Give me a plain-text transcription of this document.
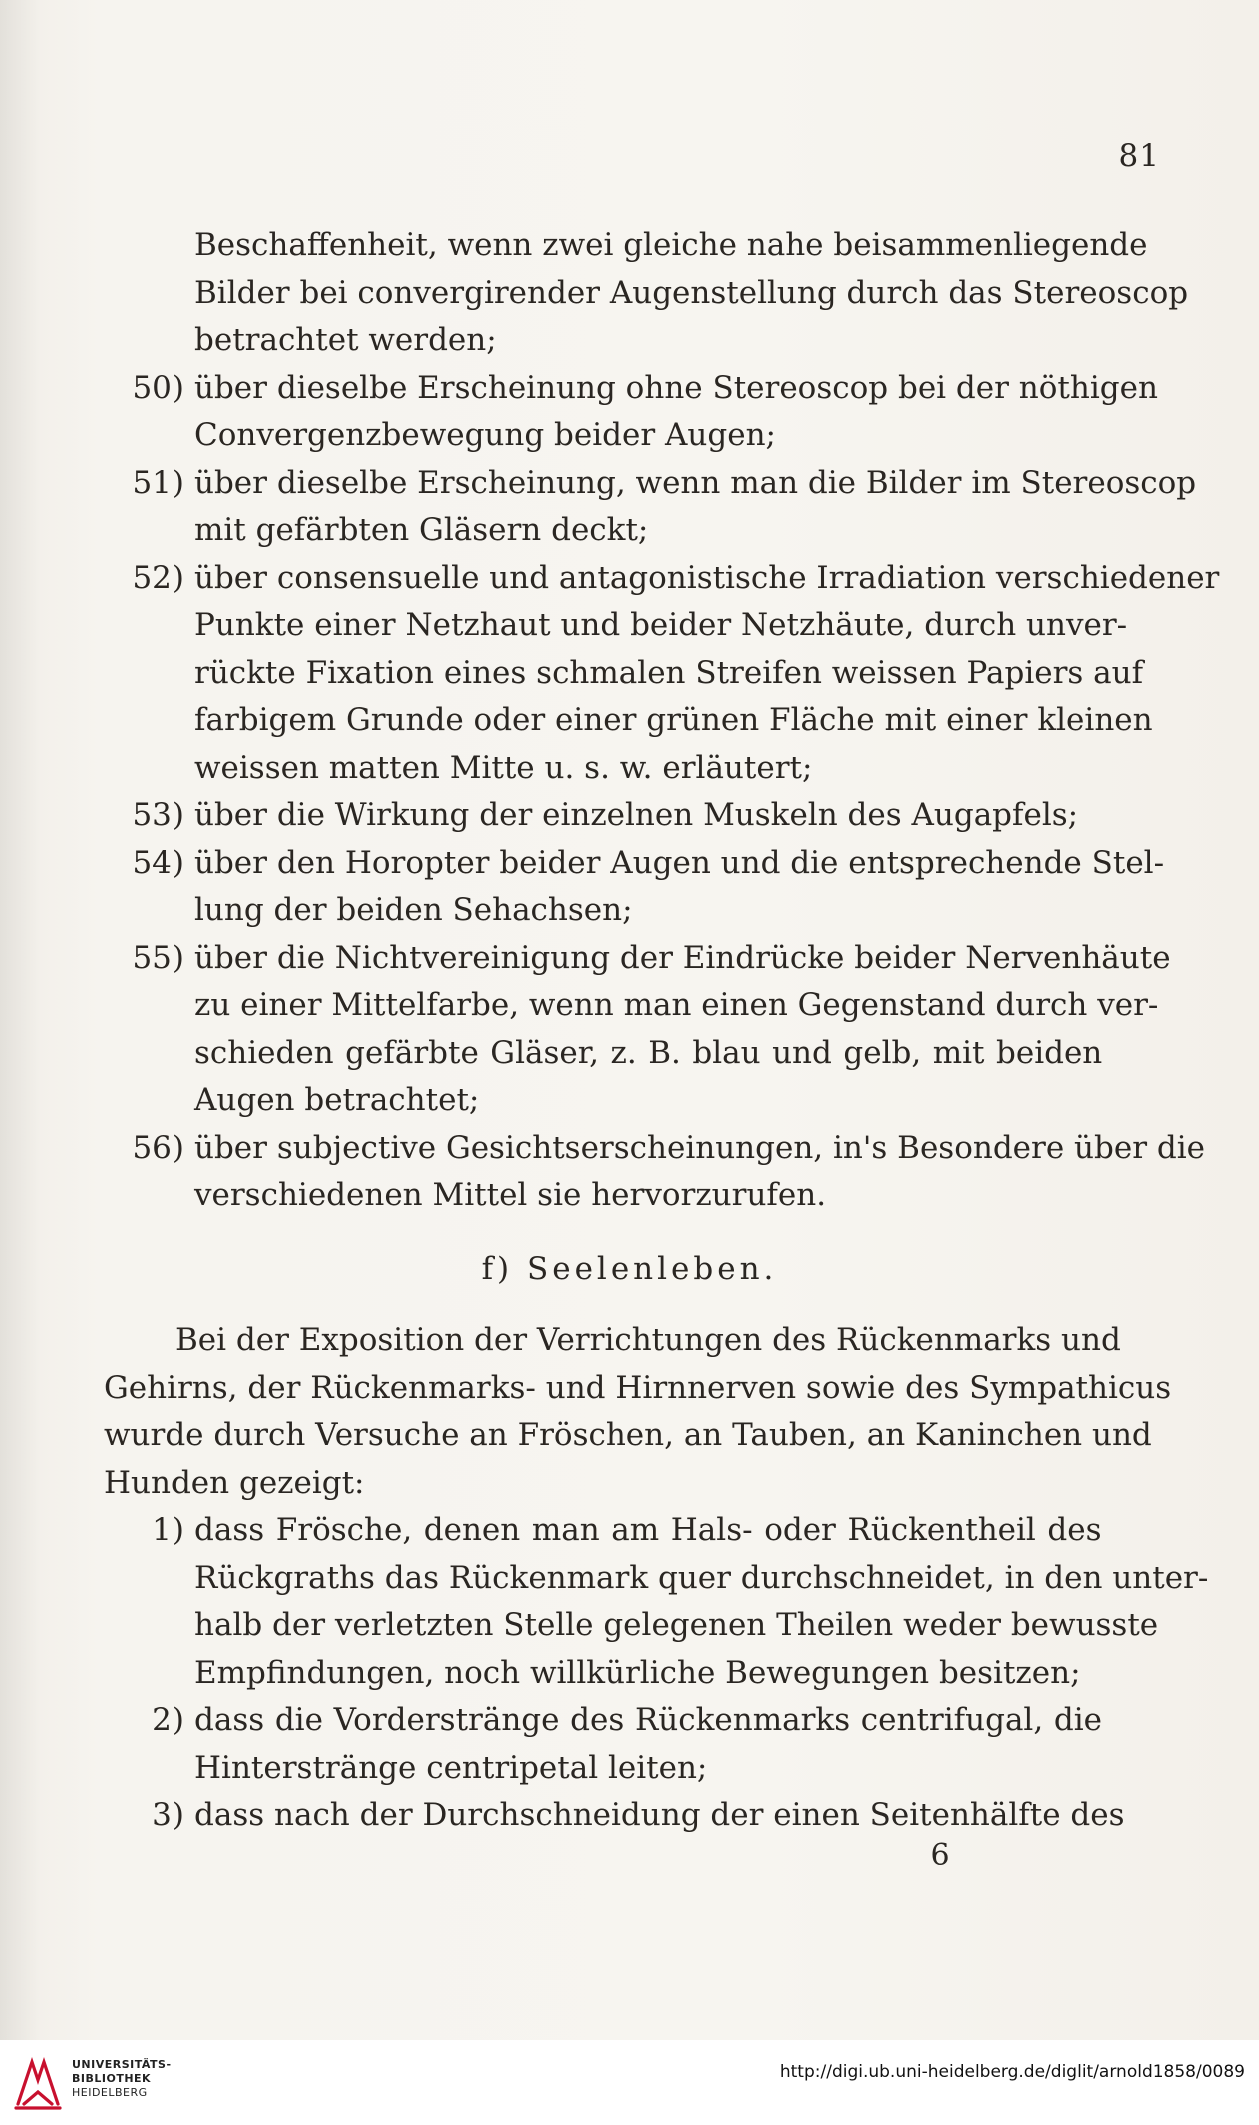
81
Beschaffenheit, wenn zwei gleiche nahe beisammenliegende
Bilder bei convergirender Augenstellung durch das Stereoscop
betrachtet werden;
50) über dieselbe Erscheinung ohne Stereoscop bei der nöthigen
Convergenzbewegung beider Augen;
51) über dieselbe Erscheinung, wenn man die Bilder im Stereoscop
mit gefärbten Gläsern deckt;
52) über consensuelle und antagonistische Irradiation verschiedener
Punkte einer Netzhaut und beider Netzhäute, durch unver-
rückte Fixation eines schmalen Streifen weissen Papiers auf
farbigem Grunde oder einer grünen Fläche mit einer kleinen
weissen matten Mitte u. s. w. erläutert;
53) über die Wirkung der einzelnen Muskeln des Augapfels;
54) über den Horopter beider Augen und die entsprechende Stel-
lung der beiden Sehachsen;
55) über die Nichtvereinigung der Eindrücke beider Nervenhäute
zu einer Mittelfarbe, wenn man einen Gegenstand durch ver-
schieden gefärbte Gläser, z. B. blau und gelb, mit beiden
Augen betrachtet;
56) über subjective Gesichtserscheinungen, in's Besondere über die
verschiedenen Mittel sie hervorzurufen.
Bei der Exposition der Verrichtungen des Rückenmarks und
Gehirns, der Rückenmarks- und Hirnnerven sowie des Sympathicus
wurde durch Versuche an Fröschen, an Tauben, an Kaninchen und
Hunden gezeigt:
1) dass Frösche, denen man am Hals- oder Rückentheil des
Rückgraths das Rückenmark quer durchschneidet, in den unter-
halb der verletzten Stelle gelegenen Theilen weder bewusste
Empfindungen, noch willkürliche Bewegungen besitzen;
2) dass die Vorderstränge des Rückenmarks centrifugal, die
Hinterstränge centripetal leiten;
3) dass nach der Durchschneidung der einen Seitenhälfte des
f) Seelenleben.
6
UNIVERSITÄTS-
BIBLIOTHEK
HEIDELBERG
http://digi.ub.uni-heidelberg.de/diglit/arnold1858/0089
